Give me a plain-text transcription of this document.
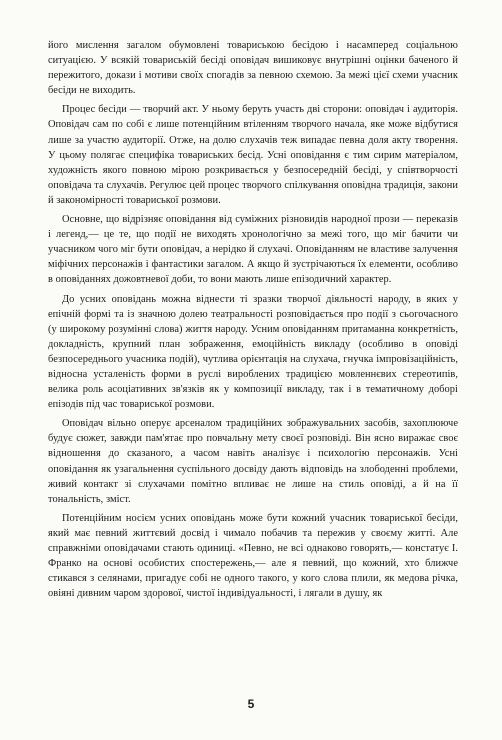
його мислення загалом обумовлені товариською бесідою і насамперед соціальною ситуацією. У всякій товариській бесіді оповідач вишиковує внутрішні оцінки баченого й пережитого, докази і мотиви своїх спогадів за певною схемою. За межі цієї схеми учасник бесіди не виходить.

Процес бесіди — творчий акт. У ньому беруть участь дві сторони: оповідач і аудиторія. Оповідач сам по собі є лише потенційним втіленням творчого начала, яке може відбутися лише за участю аудиторії. Отже, на долю слухачів теж випадає певна доля акту творення. У цьому полягає специфіка товариських бесід. Усні оповідання є тим сирим матеріалом, художність якого повною мірою розкривається у безпосередній бесіді, у співтворчості оповідача та слухачів. Регулює цей процес творчого спілкування оповідна традиція, закони й закономірності товариської розмови.

Основне, що відрізняє оповідання від суміжних різновидів народної прози — переказів і легенд,— це те, що події не виходять хронологічно за межі того, що міг бачити чи учасником чого міг бути оповідач, а нерідко й слухачі. Оповіданням не властиве залучення міфічних персонажів і фантастики загалом. А якщо й зустрічаються їх елементи, особливо в оповіданнях дожовтневої доби, то вони мають лише епізодичний характер.

До усних оповідань можна віднести ті зразки творчої діяльності народу, в яких у епічній формі та із значною долею театральності розповідається про події з сьогочасного (у широкому розумінні слова) життя народу. Усним оповіданням притаманна конкретність, докладність, крупний план зображення, емоційність викладу (особливо в оповіді безпосереднього учасника подій), чутлива орієнтація на слухача, гнучка імпровізаційність, відносна усталеність форми в руслі вироблених традицією мовленнєвих стереотипів, велика роль асоціативних зв'язків як у композиції викладу, так і в тематичному доборі епізодів під час товариської розмови.

Оповідач вільно оперує арсеналом традиційних зображувальних засобів, захоплююче будує сюжет, завжди пам'ятає про повчальну мету своєї розповіді. Він ясно виражає своє відношення до сказаного, а часом навіть аналізує і психологію персонажів. Усні оповідання як узагальнення суспільного досвіду дають відповідь на злободенні проблеми, живий контакт зі слухачами помітно впливає не лише на стиль оповіді, а й на її тональність, зміст.

Потенційним носієм усних оповідань може бути кожний учасник товариської бесіди, який має певний життєвий досвід і чимало побачив та пережив у своєму житті. Але справжніми оповідачами стають одиниці. «Певно, не всі однаково говорять,— констатує І. Франко на основі особистих спостережень,— але я певний, що кожний, хто ближче стикався з селянами, пригадує собі не одного такого, у кого слова плили, як медова річка, овіяні дивним чаром здорової, чистої індивідуальності, і лягали в душу, як

5
